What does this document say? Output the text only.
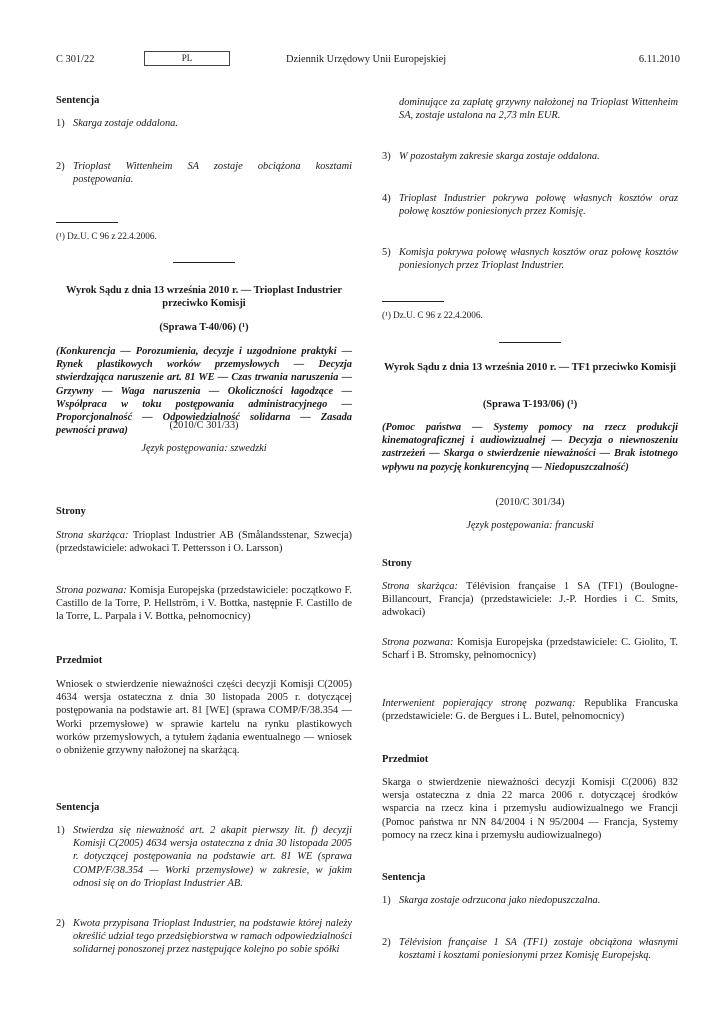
C 301/22	PL	Dziennik Urzędowy Unii Europejskiej	6.11.2010

Sentencja

1) Skarga zostaje oddalona.
2) Trioplast Wittenheim SA zostaje obciążona kosztami postępowania.
(¹) Dz.U. C 96 z 22.4.2006.
Wyrok Sądu z dnia 13 września 2010 r. — Trioplast Industrier przeciwko Komisji
(Sprawa T-40/06) (¹)
(Konkurencja — Porozumienia, decyzje i uzgodnione praktyki — Rynek plastikowych worków przemysłowych — Decyzja stwierdzająca naruszenie art. 81 WE — Czas trwania naruszenia — Grzywny — Waga naruszenia — Okoliczności łagodzące — Współpraca w toku postępowania administracyjnego — Proporcjonalność — Odpowiedzialność solidarna — Zasada pewności prawa)	(2010/C 301/33)
Język postępowania: szwedzki

Strony

Strona skarżąca: Trioplast Industrier AB (Smålandsstenar, Szwecja) (przedstawiciele: adwokaci T. Pettersson i O. Larsson)
Strona pozwana: Komisja Europejska (przedstawiciele: początkowo F. Castillo de la Torre, P. Hellström, i V. Bottka, następnie F. Castillo de la Torre, L. Parpala i V. Bottka, pełnomocnicy)

Przedmiot

Wniosek o stwierdzenie nieważności części decyzji Komisji C(2005) 4634 wersja ostateczna z dnia 30 listopada 2005 r. dotyczącej postępowania na podstawie art. 81 [WE] (sprawa COMP/F/38.354 — Worki przemysłowe) w sprawie kartelu na rynku plastikowych worków przemysłowych, a tytułem żądania ewentualnego — wniosek o obniżenie grzywny nałożonej na skarżącą.

Sentencja

1) Stwierdza się nieważność art. 2 akapit pierwszy lit. f) decyzji Komisji C(2005) 4634 wersja ostateczna z dnia 30 listopada 2005 r. dotyczącej postępowania na podstawie art. 81 WE (sprawa COMP/F/38.354 — Worki przemysłowe) w zakresie, w jakim odnosi się on do Trioplast Industrier AB.
2) Kwota przypisana Trioplast Industrier, na podstawie której należy określić udział tego przedsiębiorstwa w ramach odpowiedzialności solidarnej ponoszonej przez następujące kolejno po sobie spółki
dominujące za zapłatę grzywny nałożonej na Trioplast Wittenheim SA, zostaje ustalona na 2,73 mln EUR.
3) W pozostałym zakresie skarga zostaje oddalona.
4) Trioplast Industrier pokrywa połowę własnych kosztów oraz połowę kosztów poniesionych przez Komisję.
5) Komisja pokrywa połowę własnych kosztów oraz połowę kosztów poniesionych przez Trioplast Industrier.
(¹) Dz.U. C 96 z 22.4.2006.
Wyrok Sądu z dnia 13 września 2010 r. — TF1 przeciwko Komisji
(Sprawa T-193/06) (¹)
(Pomoc państwa — Systemy pomocy na rzecz produkcji kinematograficznej i audiowizualnej — Decyzja o niewnoszeniu zastrzeżeń — Skarga o stwierdzenie nieważności — Brak istotnego wpływu na pozycję konkurencyjną — Niedopuszczalność)
(2010/C 301/34)
Język postępowania: francuski

Strony

Strona skarżąca: Télévision française 1 SA (TF1) (Boulogne-Billancourt, Francja) (przedstawiciele: J.-P. Hordies i C. Smits, adwokaci)
Strona pozwana: Komisja Europejska (przedstawiciele: C. Giolito, T. Scharf i B. Stromsky, pełnomocnicy)
Interwenient popierający stronę pozwaną: Republika Francuska (przedstawiciele: G. de Bergues i L. Butel, pełnomocnicy)

Przedmiot

Skarga o stwierdzenie nieważności decyzji Komisji C(2006) 832 wersja ostateczna z dnia 22 marca 2006 r. dotyczącej środków wsparcia na rzecz kina i przemysłu audiowizualnego we Francji (Pomoc państwa nr NN 84/2004 i N 95/2004 — Francja, Systemy pomocy na rzecz kina i przemysłu audiowizualnego)

Sentencja

1) Skarga zostaje odrzucona jako niedopuszczalna.
2) Télévision française 1 SA (TF1) zostaje obciążona własnymi kosztami i kosztami poniesionymi przez Komisję Europejską.
